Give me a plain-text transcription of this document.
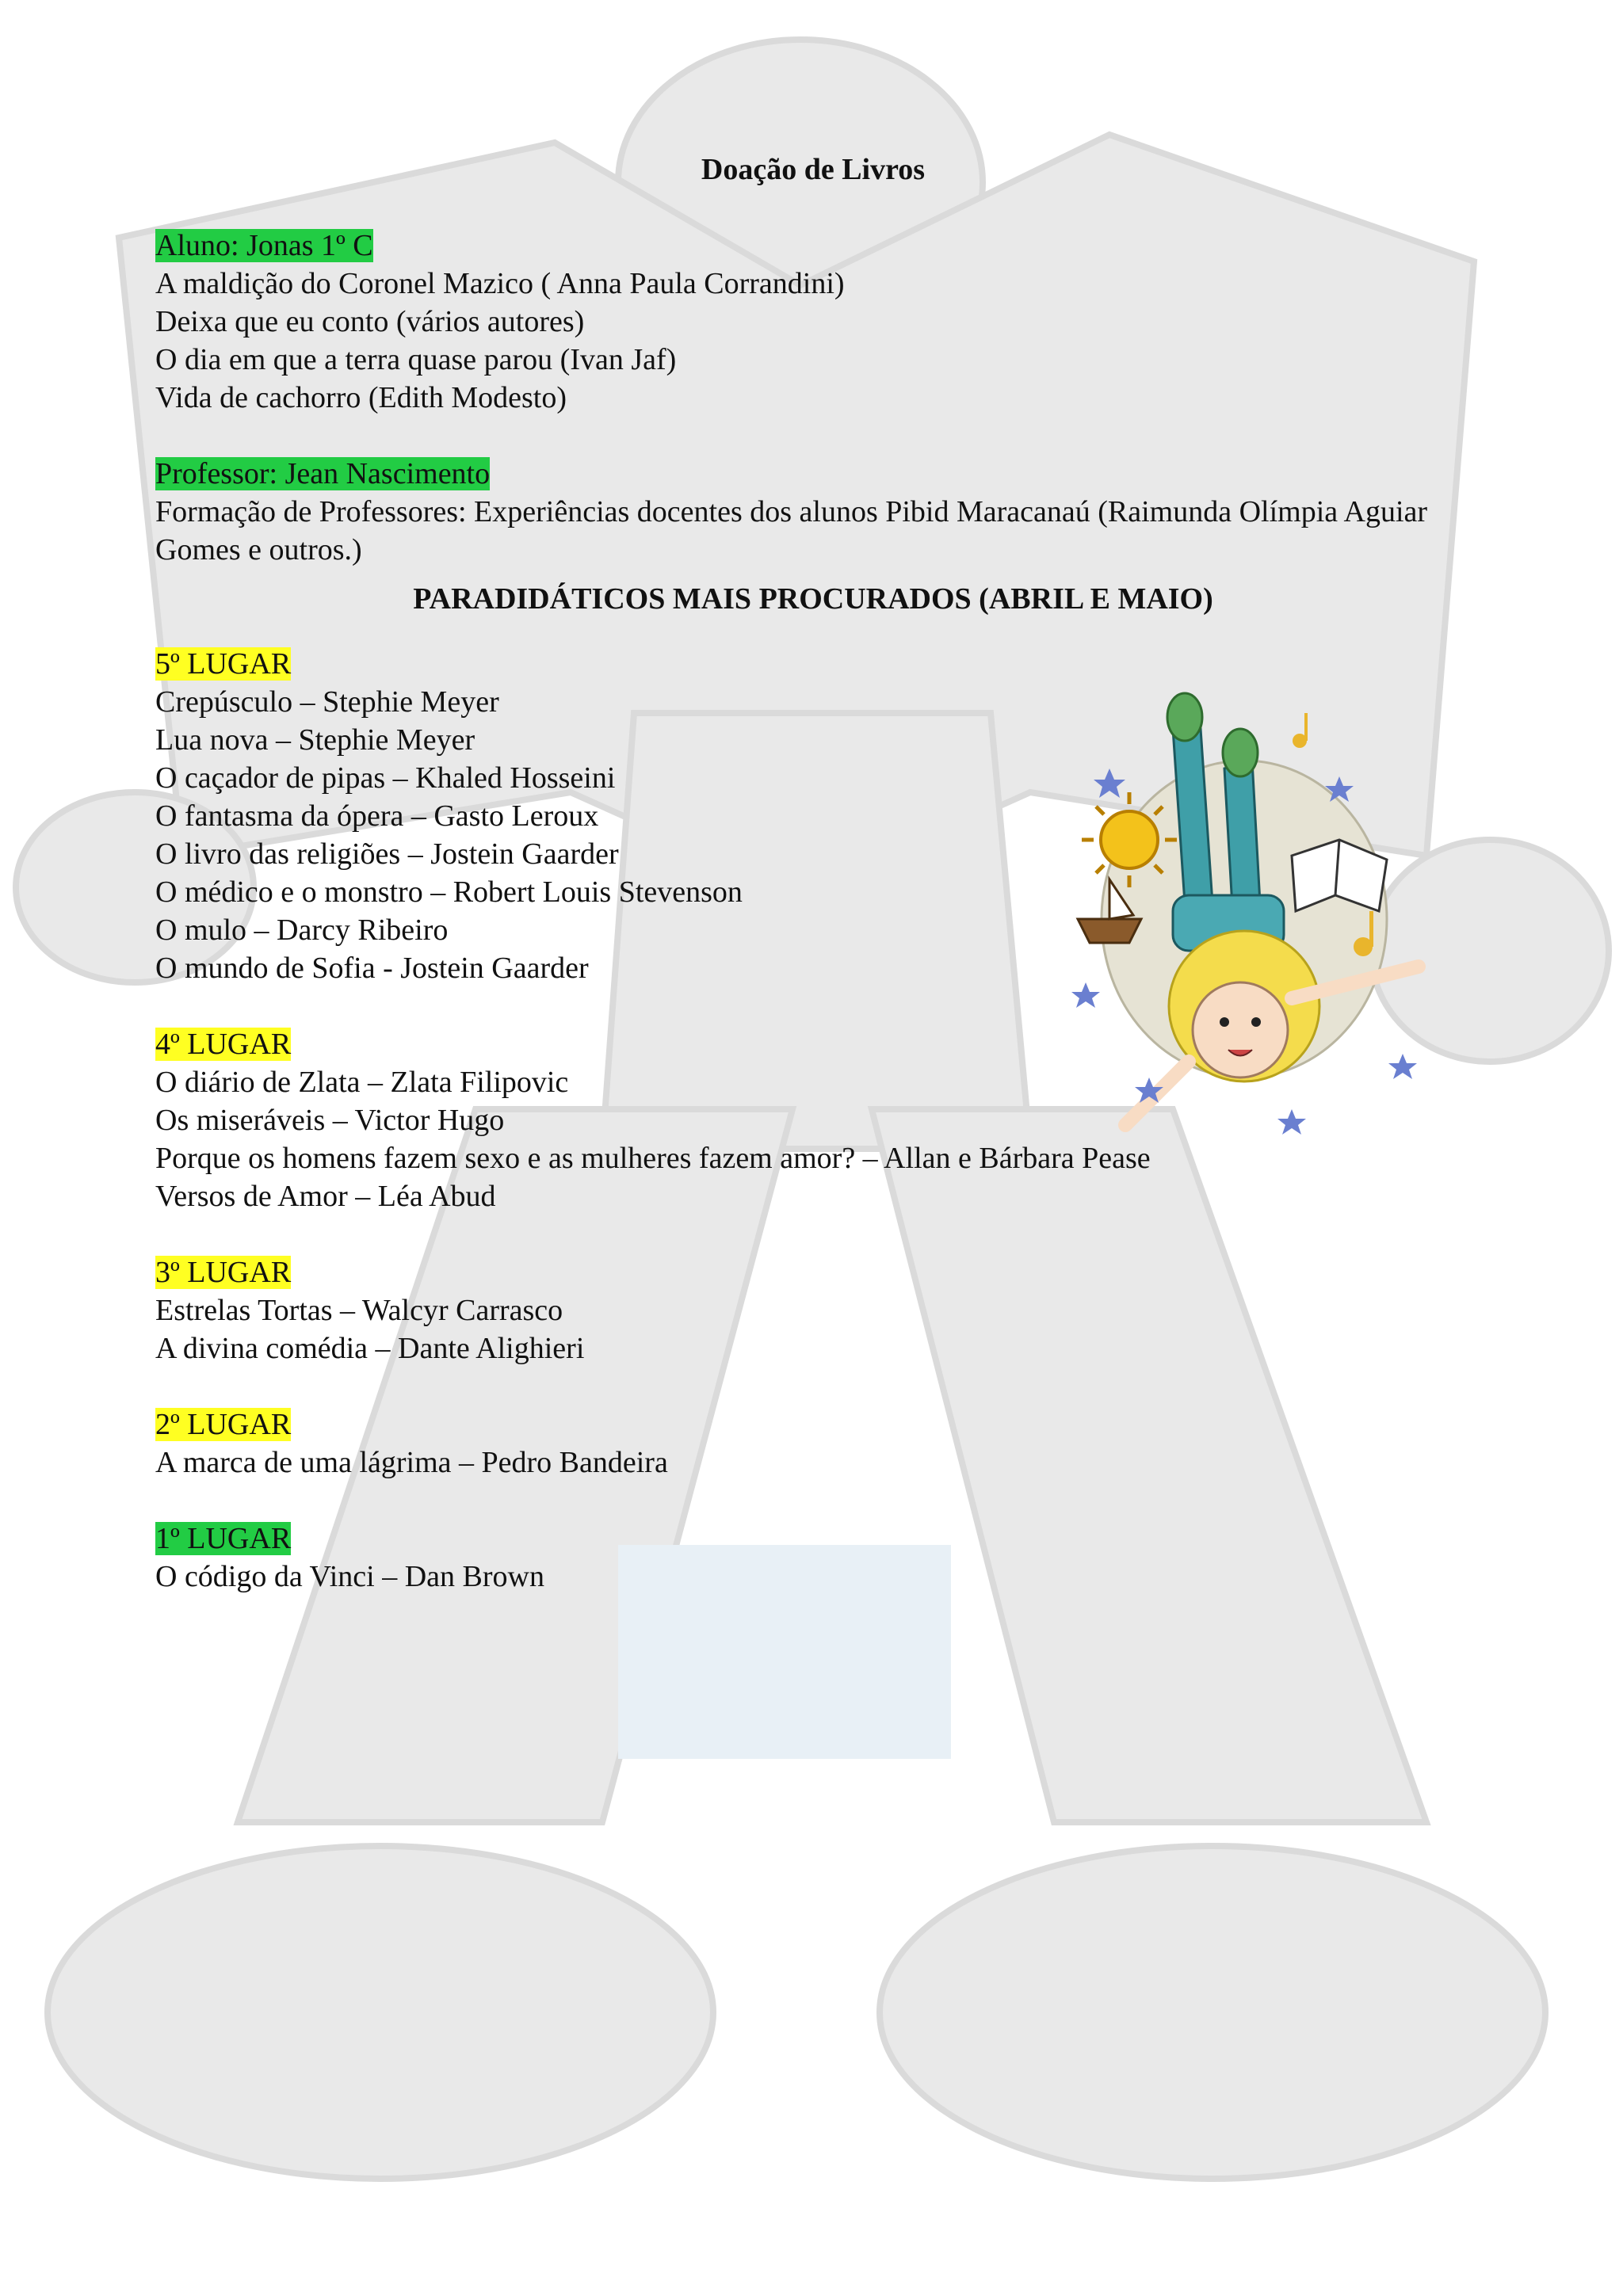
Doação de Livros

Aluno: Jonas 1º C

A maldição do Coronel Mazico ( Anna Paula Corrandini)

Deixa que eu conto (vários autores)

O dia em que a terra quase parou (Ivan Jaf)

Vida de cachorro (Edith Modesto)

Professor: Jean Nascimento

Formação de Professores: Experiências docentes dos alunos Pibid Maracanaú (Raimunda Olímpia Aguiar Gomes e outros.)

PARADIDÁTICOS MAIS PROCURADOS (ABRIL E MAIO)

5º LUGAR

Crepúsculo – Stephie Meyer

Lua nova – Stephie Meyer

O caçador de pipas – Khaled Hosseini

O fantasma da ópera – Gasto Leroux

O livro das religiões – Jostein Gaarder

O médico e o monstro – Robert Louis Stevenson

O mulo – Darcy Ribeiro

O mundo de Sofia - Jostein Gaarder

4º LUGAR

O diário de Zlata – Zlata Filipovic

Os miseráveis – Victor Hugo

Porque os homens fazem sexo e as mulheres fazem amor? – Allan e Bárbara Pease

Versos de Amor – Léa Abud

3º LUGAR

Estrelas Tortas – Walcyr Carrasco

A divina comédia – Dante Alighieri

2º LUGAR

A marca de uma lágrima – Pedro Bandeira

1º LUGAR

O código da Vinci – Dan Brown
